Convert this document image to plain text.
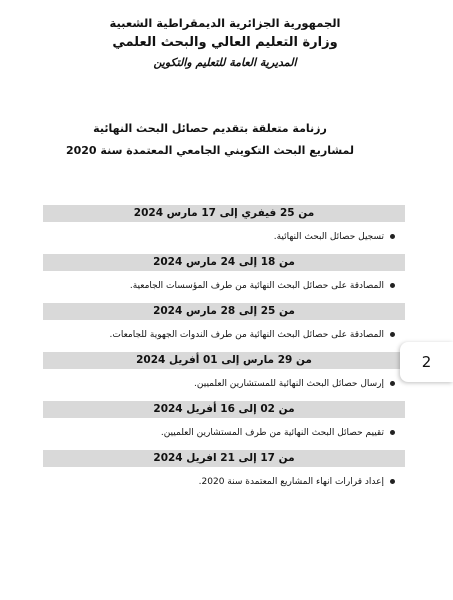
الجمهورية الجزائرية الديمقراطية الشعبية
وزارة التعليم العالي والبحث العلمي
المديرية العامة للتعليم والتكوين
رزنامة متعلقة بتقديم حصائل البحث النهائية
لمشاريع البحث التكويني الجامعي المعتمدة سنة 2020
من 25 فيفري إلى 17 مارس 2024
تسجيل حصائل البحث النهائية.
من 18 إلى 24 مارس 2024
المصادقة على حصائل البحث النهائية من طرف المؤسسات الجامعية.
من 25 إلى 28 مارس 2024
المصادقة على حصائل البحث النهائية من طرف الندوات الجهوية للجامعات.
من 29 مارس إلى 01 أفريل 2024
إرسال حصائل البحث النهائية للمستشارين العلميين.
من 02 إلى 16 أفريل 2024
تقييم حصائل البحث النهائية من طرف المستشارين العلميين.
من 17 إلى 21 افريل 2024
إعداد قرارات انهاء المشاريع المعتمدة سنة 2020.
2
